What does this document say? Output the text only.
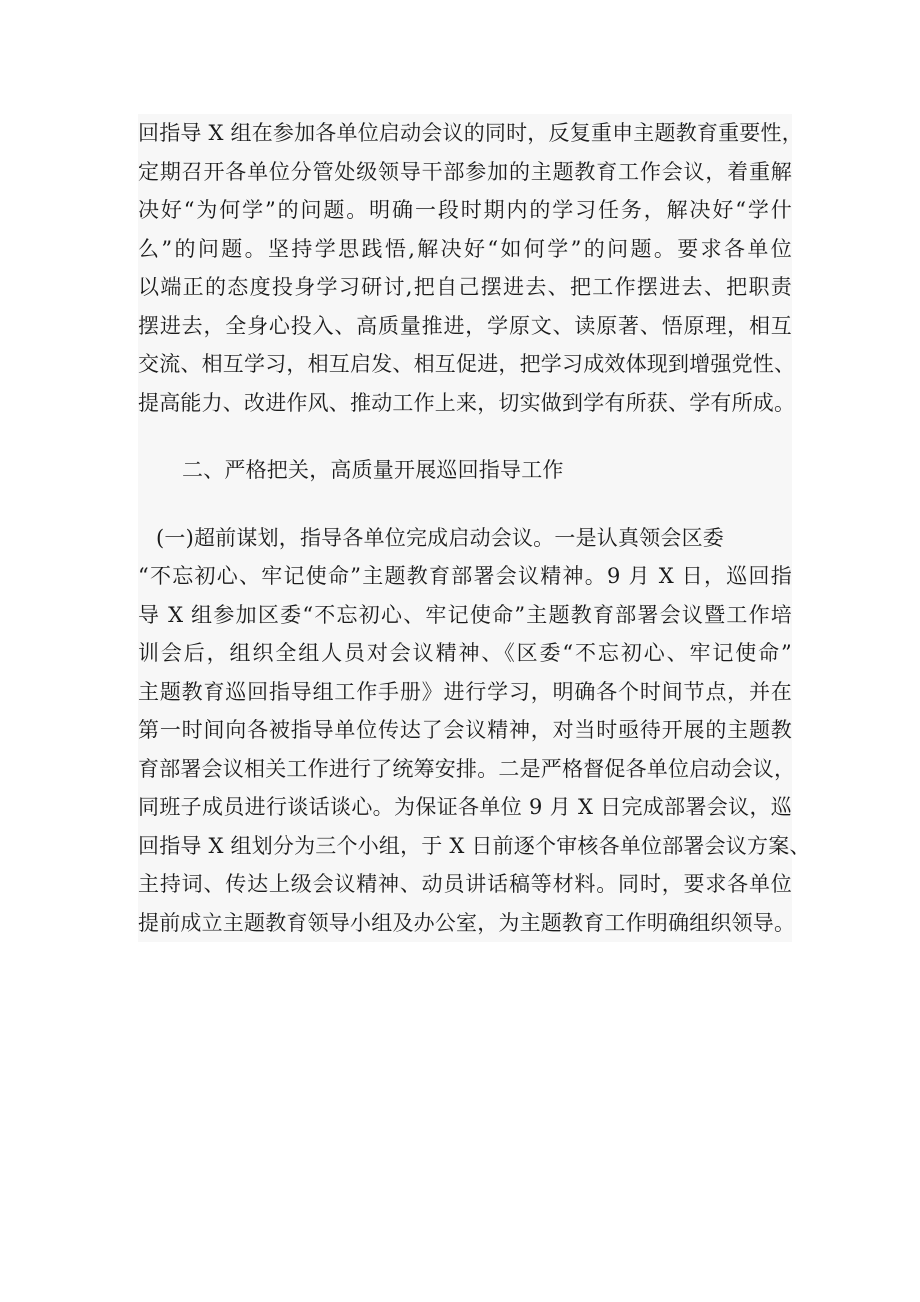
回指导 X 组在参加各单位启动会议的同时，反复重申主题教育重要性，
定期召开各单位分管处级领导干部参加的主题教育工作会议，着重解
决好“为何学”的问题。明确一段时期内的学习任务，解决好“学什
么”的问题。坚持学思践悟,解决好“如何学”的问题。要求各单位
以端正的态度投身学习研讨,把自己摆进去、把工作摆进去、把职责
摆进去，全身心投入、高质量推进，学原文、读原著、悟原理，相互
交流、相互学习，相互启发、相互促进，把学习成效体现到增强党性、
提高能力、改进作风、推动工作上来，切实做到学有所获、学有所成。
二、严格把关，高质量开展巡回指导工作
(一)超前谋划，指导各单位完成启动会议。一是认真领会区委
“不忘初心、牢记使命”主题教育部署会议精神。9 月 X 日，巡回指
导 X 组参加区委“不忘初心、牢记使命”主题教育部署会议暨工作培
训会后，组织全组人员对会议精神、《区委“不忘初心、牢记使命”
主题教育巡回指导组工作手册》进行学习，明确各个时间节点，并在
第一时间向各被指导单位传达了会议精神，对当时亟待开展的主题教
育部署会议相关工作进行了统筹安排。二是严格督促各单位启动会议，
同班子成员进行谈话谈心。为保证各单位 9 月 X 日完成部署会议，巡
回指导 X 组划分为三个小组，于 X 日前逐个审核各单位部署会议方案、
主持词、传达上级会议精神、动员讲话稿等材料。同时，要求各单位
提前成立主题教育领导小组及办公室，为主题教育工作明确组织领导。
